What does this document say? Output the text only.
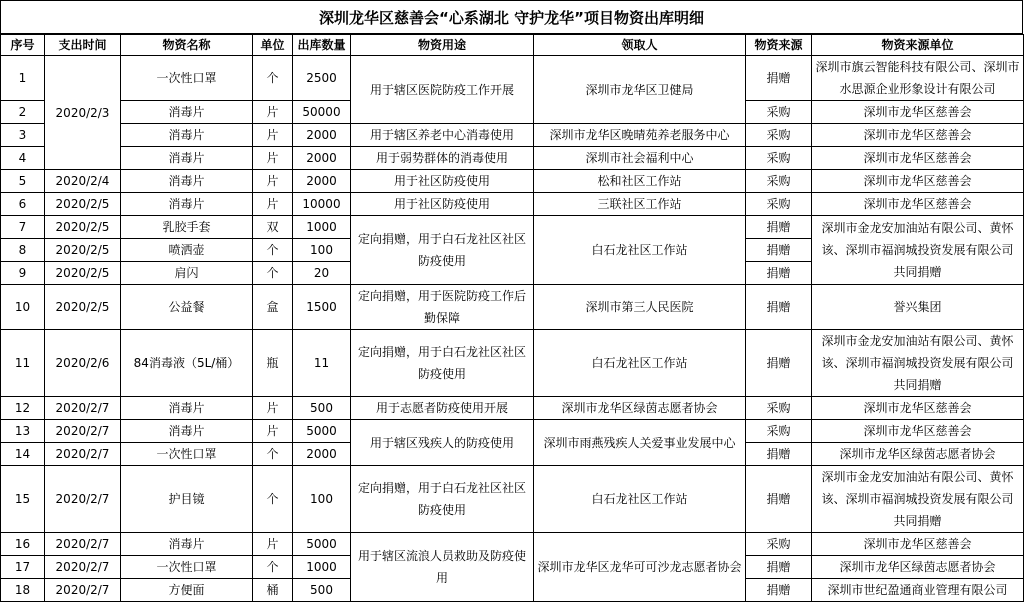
深圳龙华区慈善会“心系湖北 守护龙华”项目物资出库明细
序号	支出时间	物资名称	单位	出库数量	物资用途	领取人	物资来源	物资来源单位
1	2020/2/3	一次性口罩	个	2500	用于辖区医院防疫工作开展	深圳市龙华区卫健局	捐赠	深圳市旗云智能科技有限公司、深圳市水思源企业形象设计有限公司
2		消毒片	片	50000			采购	深圳市龙华区慈善会
3		消毒片	片	2000	用于辖区养老中心消毒使用	深圳市龙华区晚晴苑养老服务中心	采购	深圳市龙华区慈善会
4		消毒片	片	2000	用于弱势群体的消毒使用	深圳市社会福利中心	采购	深圳市龙华区慈善会
5	2020/2/4	消毒片	片	2000	用于社区防疫使用	松和社区工作站	采购	深圳市龙华区慈善会
6	2020/2/5	消毒片	片	10000	用于社区防疫使用	三联社区工作站	采购	深圳市龙华区慈善会
7	2020/2/5	乳胶手套	双	1000	定向捐赠，用于白石龙社区社区防疫使用	白石龙社区工作站	捐赠	深圳市金龙安加油站有限公司、黄怀该、深圳市福润城投资发展有限公司 共同捐赠
8	2020/2/5	喷洒壶	个	100			捐赠	
9	2020/2/5	肩闪	个	20			捐赠	
10	2020/2/5	公益餐	盒	1500	定向捐赠，用于医院防疫工作后勤保障	深圳市第三人民医院	捐赠	誉兴集团
11	2020/2/6	84消毒液（5L/桶）	瓶	11	定向捐赠，用于白石龙社区社区防疫使用	白石龙社区工作站	捐赠	深圳市金龙安加油站有限公司、黄怀该、深圳市福润城投资发展有限公司 共同捐赠
12	2020/2/7	消毒片	片	500	用于志愿者防疫使用开展	深圳市龙华区绿茵志愿者协会	采购	深圳市龙华区慈善会
13	2020/2/7	消毒片	片	5000	用于辖区残疾人的防疫使用	深圳市雨燕残疾人关爱事业发展中心	采购	深圳市龙华区慈善会
14	2020/2/7	一次性口罩	个	2000			捐赠	深圳市龙华区绿茵志愿者协会
15	2020/2/7	护目镜	个	100	定向捐赠，用于白石龙社区社区防疫使用	白石龙社区工作站	捐赠	深圳市金龙安加油站有限公司、黄怀该、深圳市福润城投资发展有限公司 共同捐赠
16	2020/2/7	消毒片	片	5000	用于辖区流浪人员救助及防疫使用	深圳市龙华区龙华可可沙龙志愿者协会	采购	深圳市龙华区慈善会
17	2020/2/7	一次性口罩	个	1000			捐赠	深圳市龙华区绿茵志愿者协会
18	2020/2/7	方便面	桶	500			捐赠	深圳市世纪盈通商业管理有限公司
